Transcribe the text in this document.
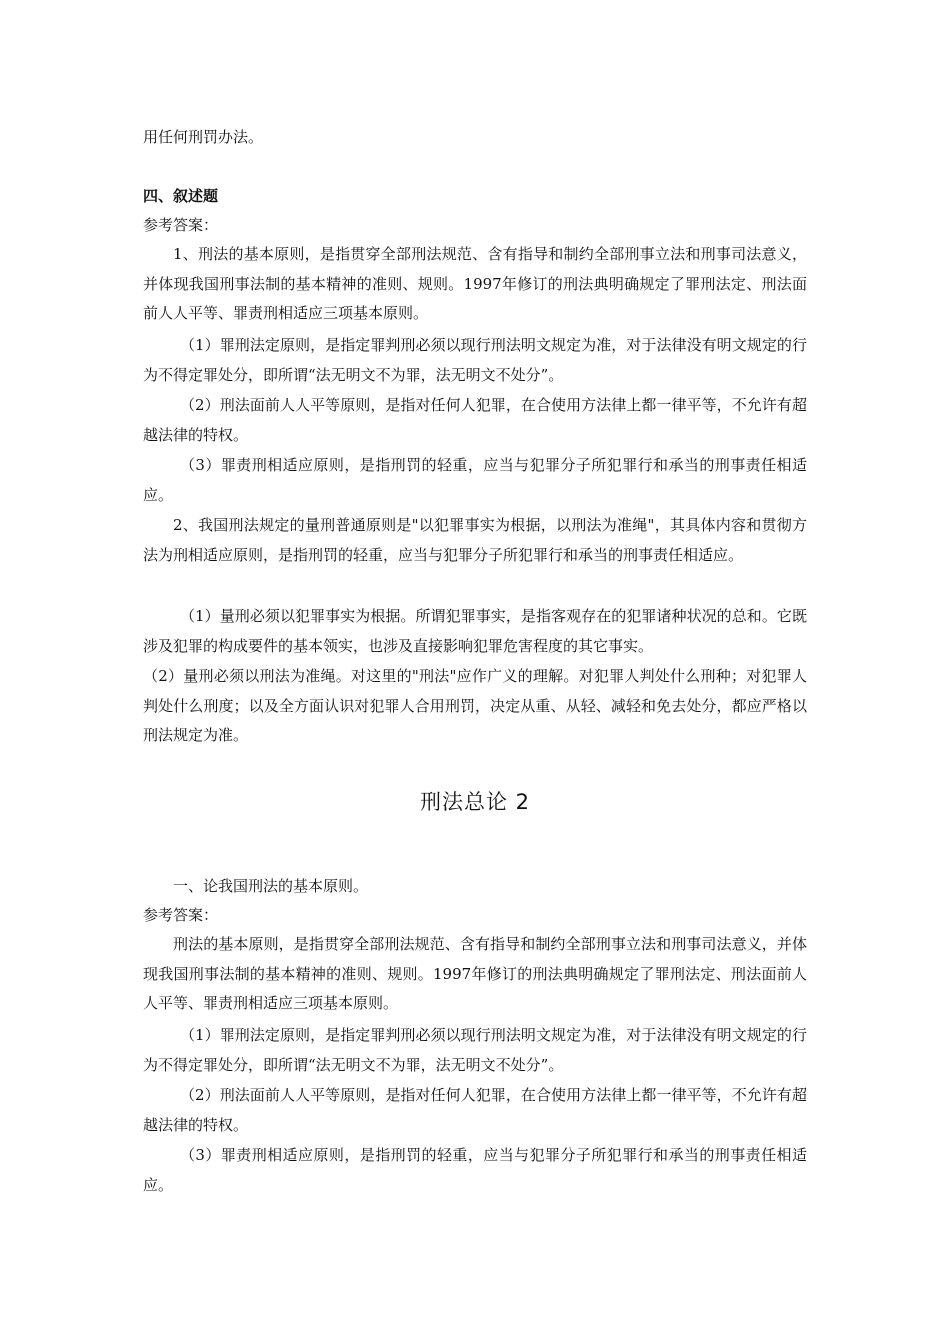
用任何刑罚办法。

四、叙述题

参考答案：

1、刑法的基本原则，是指贯穿全部刑法规范、含有指导和制约全部刑事立法和刑事司法意义，并体现我国刑事法制的基本精神的准则、规则。1997年修订的刑法典明确规定了罪刑法定、刑法面前人人平等、罪责刑相适应三项基本原则。

（1）罪刑法定原则，是指定罪判刑必须以现行刑法明文规定为准，对于法律没有明文规定的行为不得定罪处分，即所谓“法无明文不为罪，法无明文不处分”。

（2）刑法面前人人平等原则，是指对任何人犯罪，在合使用方法律上都一律平等，不允许有超越法律的特权。

（3）罪责刑相适应原则，是指刑罚的轻重，应当与犯罪分子所犯罪行和承当的刑事责任相适应。

2、我国刑法规定的量刑普通原则是"以犯罪事实为根据，以刑法为准绳"，其具体内容和贯彻方法为刑相适应原则，是指刑罚的轻重，应当与犯罪分子所犯罪行和承当的刑事责任相适应。

（1）量刑必须以犯罪事实为根据。所谓犯罪事实，是指客观存在的犯罪诸种状况的总和。它既涉及犯罪的构成要件的基本领实，也涉及直接影响犯罪危害程度的其它事实。

（2）量刑必须以刑法为准绳。对这里的"刑法"应作广义的理解。对犯罪人判处什么刑种；对犯罪人判处什么刑度；以及全方面认识对犯罪人合用刑罚，决定从重、从轻、减轻和免去处分，都应严格以刑法规定为准。

刑法总论 2

一、论我国刑法的基本原则。

参考答案：

刑法的基本原则，是指贯穿全部刑法规范、含有指导和制约全部刑事立法和刑事司法意义，并体现我国刑事法制的基本精神的准则、规则。1997年修订的刑法典明确规定了罪刑法定、刑法面前人人平等、罪责刑相适应三项基本原则。

（1）罪刑法定原则，是指定罪判刑必须以现行刑法明文规定为准，对于法律没有明文规定的行为不得定罪处分，即所谓“法无明文不为罪，法无明文不处分”。

（2）刑法面前人人平等原则，是指对任何人犯罪，在合使用方法律上都一律平等，不允许有超越法律的特权。

（3）罪责刑相适应原则，是指刑罚的轻重，应当与犯罪分子所犯罪行和承当的刑事责任相适应。
